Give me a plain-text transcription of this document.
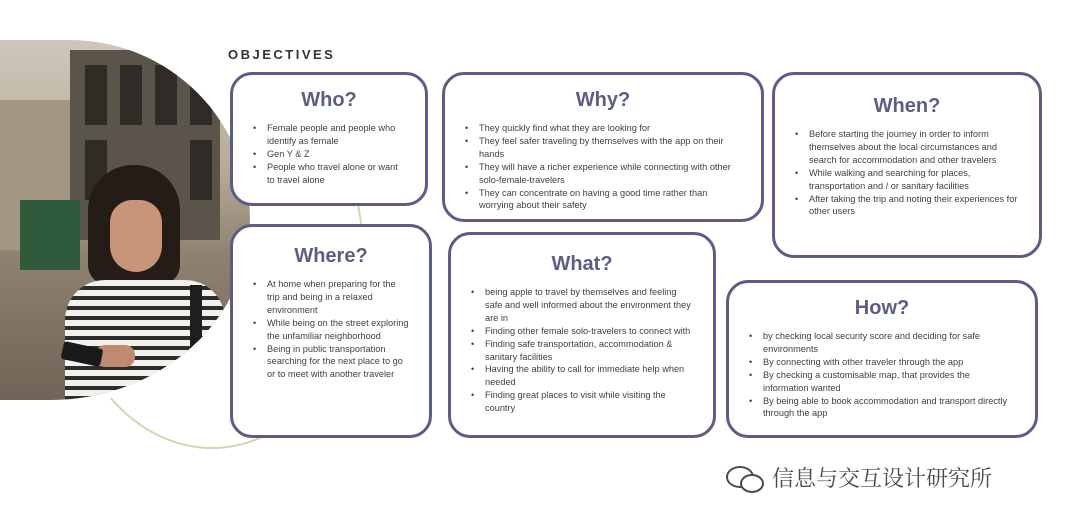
OBJECTIVES
Who?
• Female people and people who identify as female
• Gen Y & Z
• People who travel alone or want to travel alone
Why?
• They quickly find what they are looking for
• They feel safer traveling by themselves with the app on their hands
• They will have a richer experience while connecting with other solo-female-travelers
• They can concentrate on having a good time rather than worrying about their safety
When?
• Before starting the journey in order to inform themselves about the local circumstances and search for accommodation and other travelers
• While walking and searching for places, transportation and / or sanitary facilities
• After taking the trip and noting their experiences for other users
Where?
• At home when preparing for the trip and being in a relaxed environment
• While being on the street exploring the unfamiliar neighborhood
• Being in public transportation searching for the next place to go or to meet with another traveler
What?
• being apple to travel by themselves and feeling safe and well informed about the environment they are in
• Finding other female solo-travelers to connect with
• Finding safe transportation, accommodation & sanitary facilities
• Having the ability to call for immediate help when needed
• Finding great places to visit while visiting the country
How?
• by checking local security score and deciding for safe environments
• By connecting with other traveler through the app
• By checking a customisable map, that provides the information wanted
• By being able to book accommodation and transport directly through the app
信息与交互设计研究所
